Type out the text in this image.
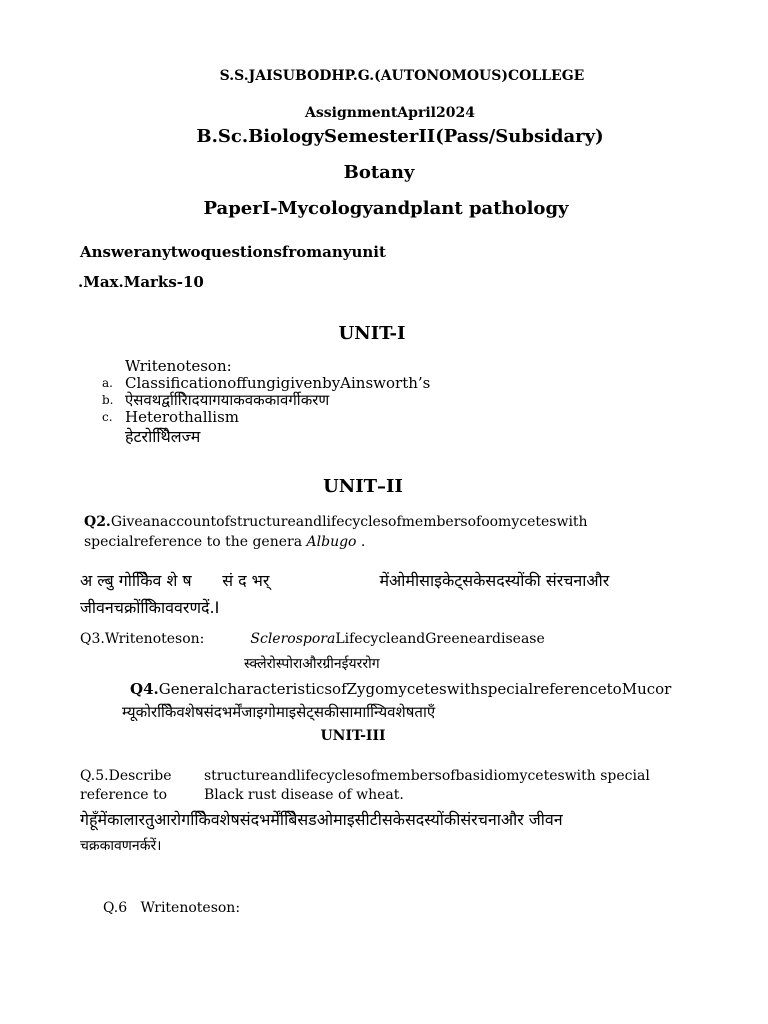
S.S.JAISUBODHP.G.(AUTONOMOUS)COLLEGE
AssignmentApril2024
B.Sc.BiologySemesterII(Pass/Subsidary)
Botany
PaperI-Mycologyandplant pathology
Answeranytwoquestionsfromanyunit
.Max.Marks-10
UNIT-I
Writenoteson:
a. ClassificationoffungigivenbyAinsworth’s
b. ऐसवथर्द्वाराििदयागयाकवककावर्गीकरण
c. Heterothallism
हेटरोथैििलज्म
UNIT–II
Q2.Giveanaccountofstructureandlifecyclesofmembersofoomyceteswith
specialreference to the genera Albugo .
अ ल्बु गोकेििव शे ष सं द भर्	मेंओमीसाइकेट्सकेसदस्योंकी संरचनाऔर
जीवनचक्रोंकाििववरणदें.I
Q3.Writenoteson:	SclerosporaLifecycleandGreeneardisease
स्क्लेरोस्पोराऔरग्रीनईयररोग
Q4.GeneralcharacteristicsofZygomyceteswithspecialreferencetoMucor
म्यूकोरकेििवशेषसंदभर्मेंजाइगोमाइसेट्सकीसामान्यििवशेषताएँ
UNIT-III
Q.5.Describe structureandlifecyclesofmembersofbasidiomyceteswith special
reference to	Black rust disease of wheat.
गेहूँमेंकालारतुआरोगकेििवशेषसंदभर्मेंबेििसडओमाइसीटीसकेसदस्योंकीसंरचनाऔर जीवन
चक्रकावणनर्करें।
Q.6 Writenoteson:
